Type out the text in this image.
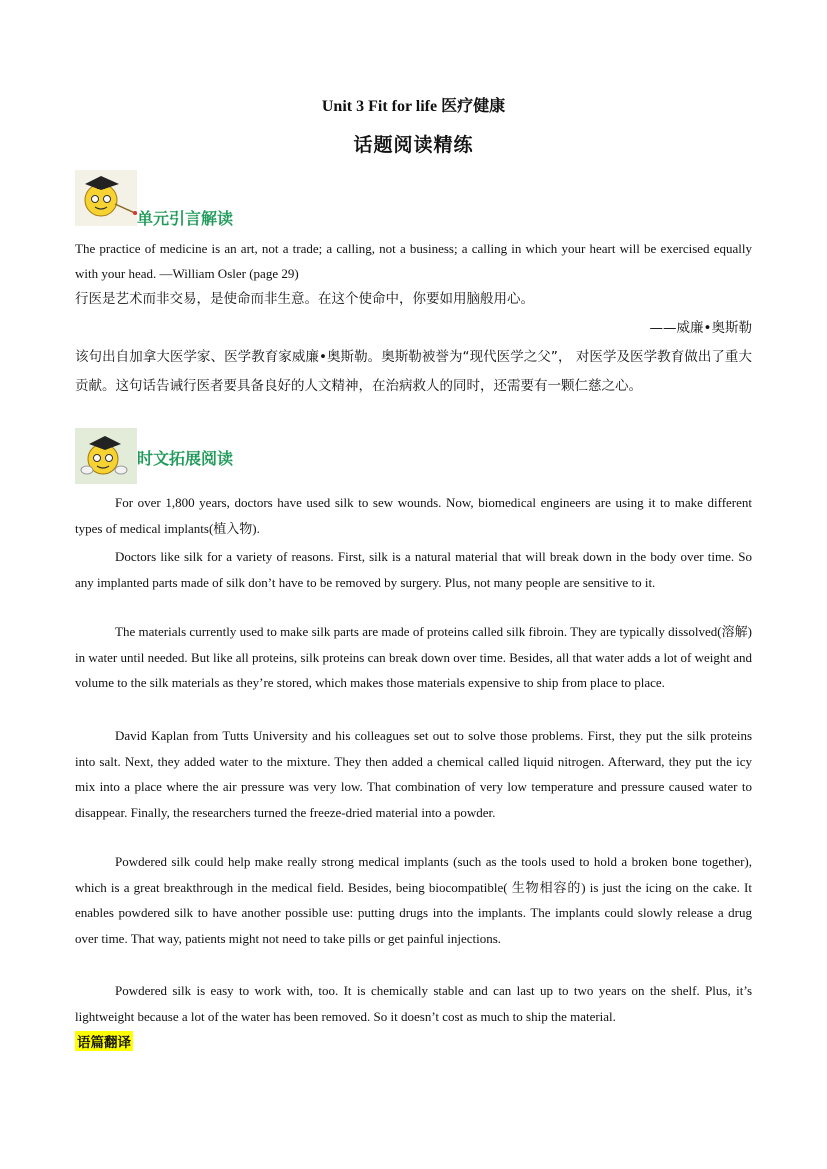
Unit 3 Fit for life 医疗健康
话题阅读精练
单元引言解读
The practice of medicine is an art, not a trade; a calling, not a business; a calling in which your heart will be exercised equally with your head. —William Osler (page 29)
行医是艺术而非交易，是使命而非生意。在这个使命中，你要如用脑般用心。
——威廉•奥斯勒
该句出自加拿大医学家、医学教育家威廉•奥斯勒。奥斯勒被誉为“现代医学之父”， 对医学及医学教育做出了重大贡献。这句话告诫行医者要具备良好的人文精神，在治病救人的同时，还需要有一颗仁慈之心。
时文拓展阅读
For over 1,800 years, doctors have used silk to sew wounds. Now, biomedical engineers are using it to make different types of medical implants(植入物).
Doctors like silk for a variety of reasons. First, silk is a natural material that will break down in the body over time. So any implanted parts made of silk don’t have to be removed by surgery. Plus, not many people are sensitive to it.
The materials currently used to make silk parts are made of proteins called silk fibroin. They are typically dissolved(溶解) in water until needed. But like all proteins, silk proteins can break down over time. Besides, all that water adds a lot of weight and volume to the silk materials as they’re stored, which makes those materials expensive to ship from place to place.
David Kaplan from Tutts University and his colleagues set out to solve those problems. First, they put the silk proteins into salt. Next, they added water to the mixture. They then added a chemical called liquid nitrogen. Afterward, they put the icy mix into a place where the air pressure was very low. That combination of very low temperature and pressure caused water to disappear. Finally, the researchers turned the freeze-dried material into a powder.
Powdered silk could help make really strong medical implants (such as the tools used to hold a broken bone together), which is a great breakthrough in the medical field. Besides, being biocompatible( 生物相容的) is just the icing on the cake. It enables powdered silk to have another possible use: putting drugs into the implants. The implants could slowly release a drug over time. That way, patients might not need to take pills or get painful injections.
Powdered silk is easy to work with, too. It is chemically stable and can last up to two years on the shelf. Plus, it’s lightweight because a lot of the water has been removed. So it doesn’t cost as much to ship the material.
语篇翻译
